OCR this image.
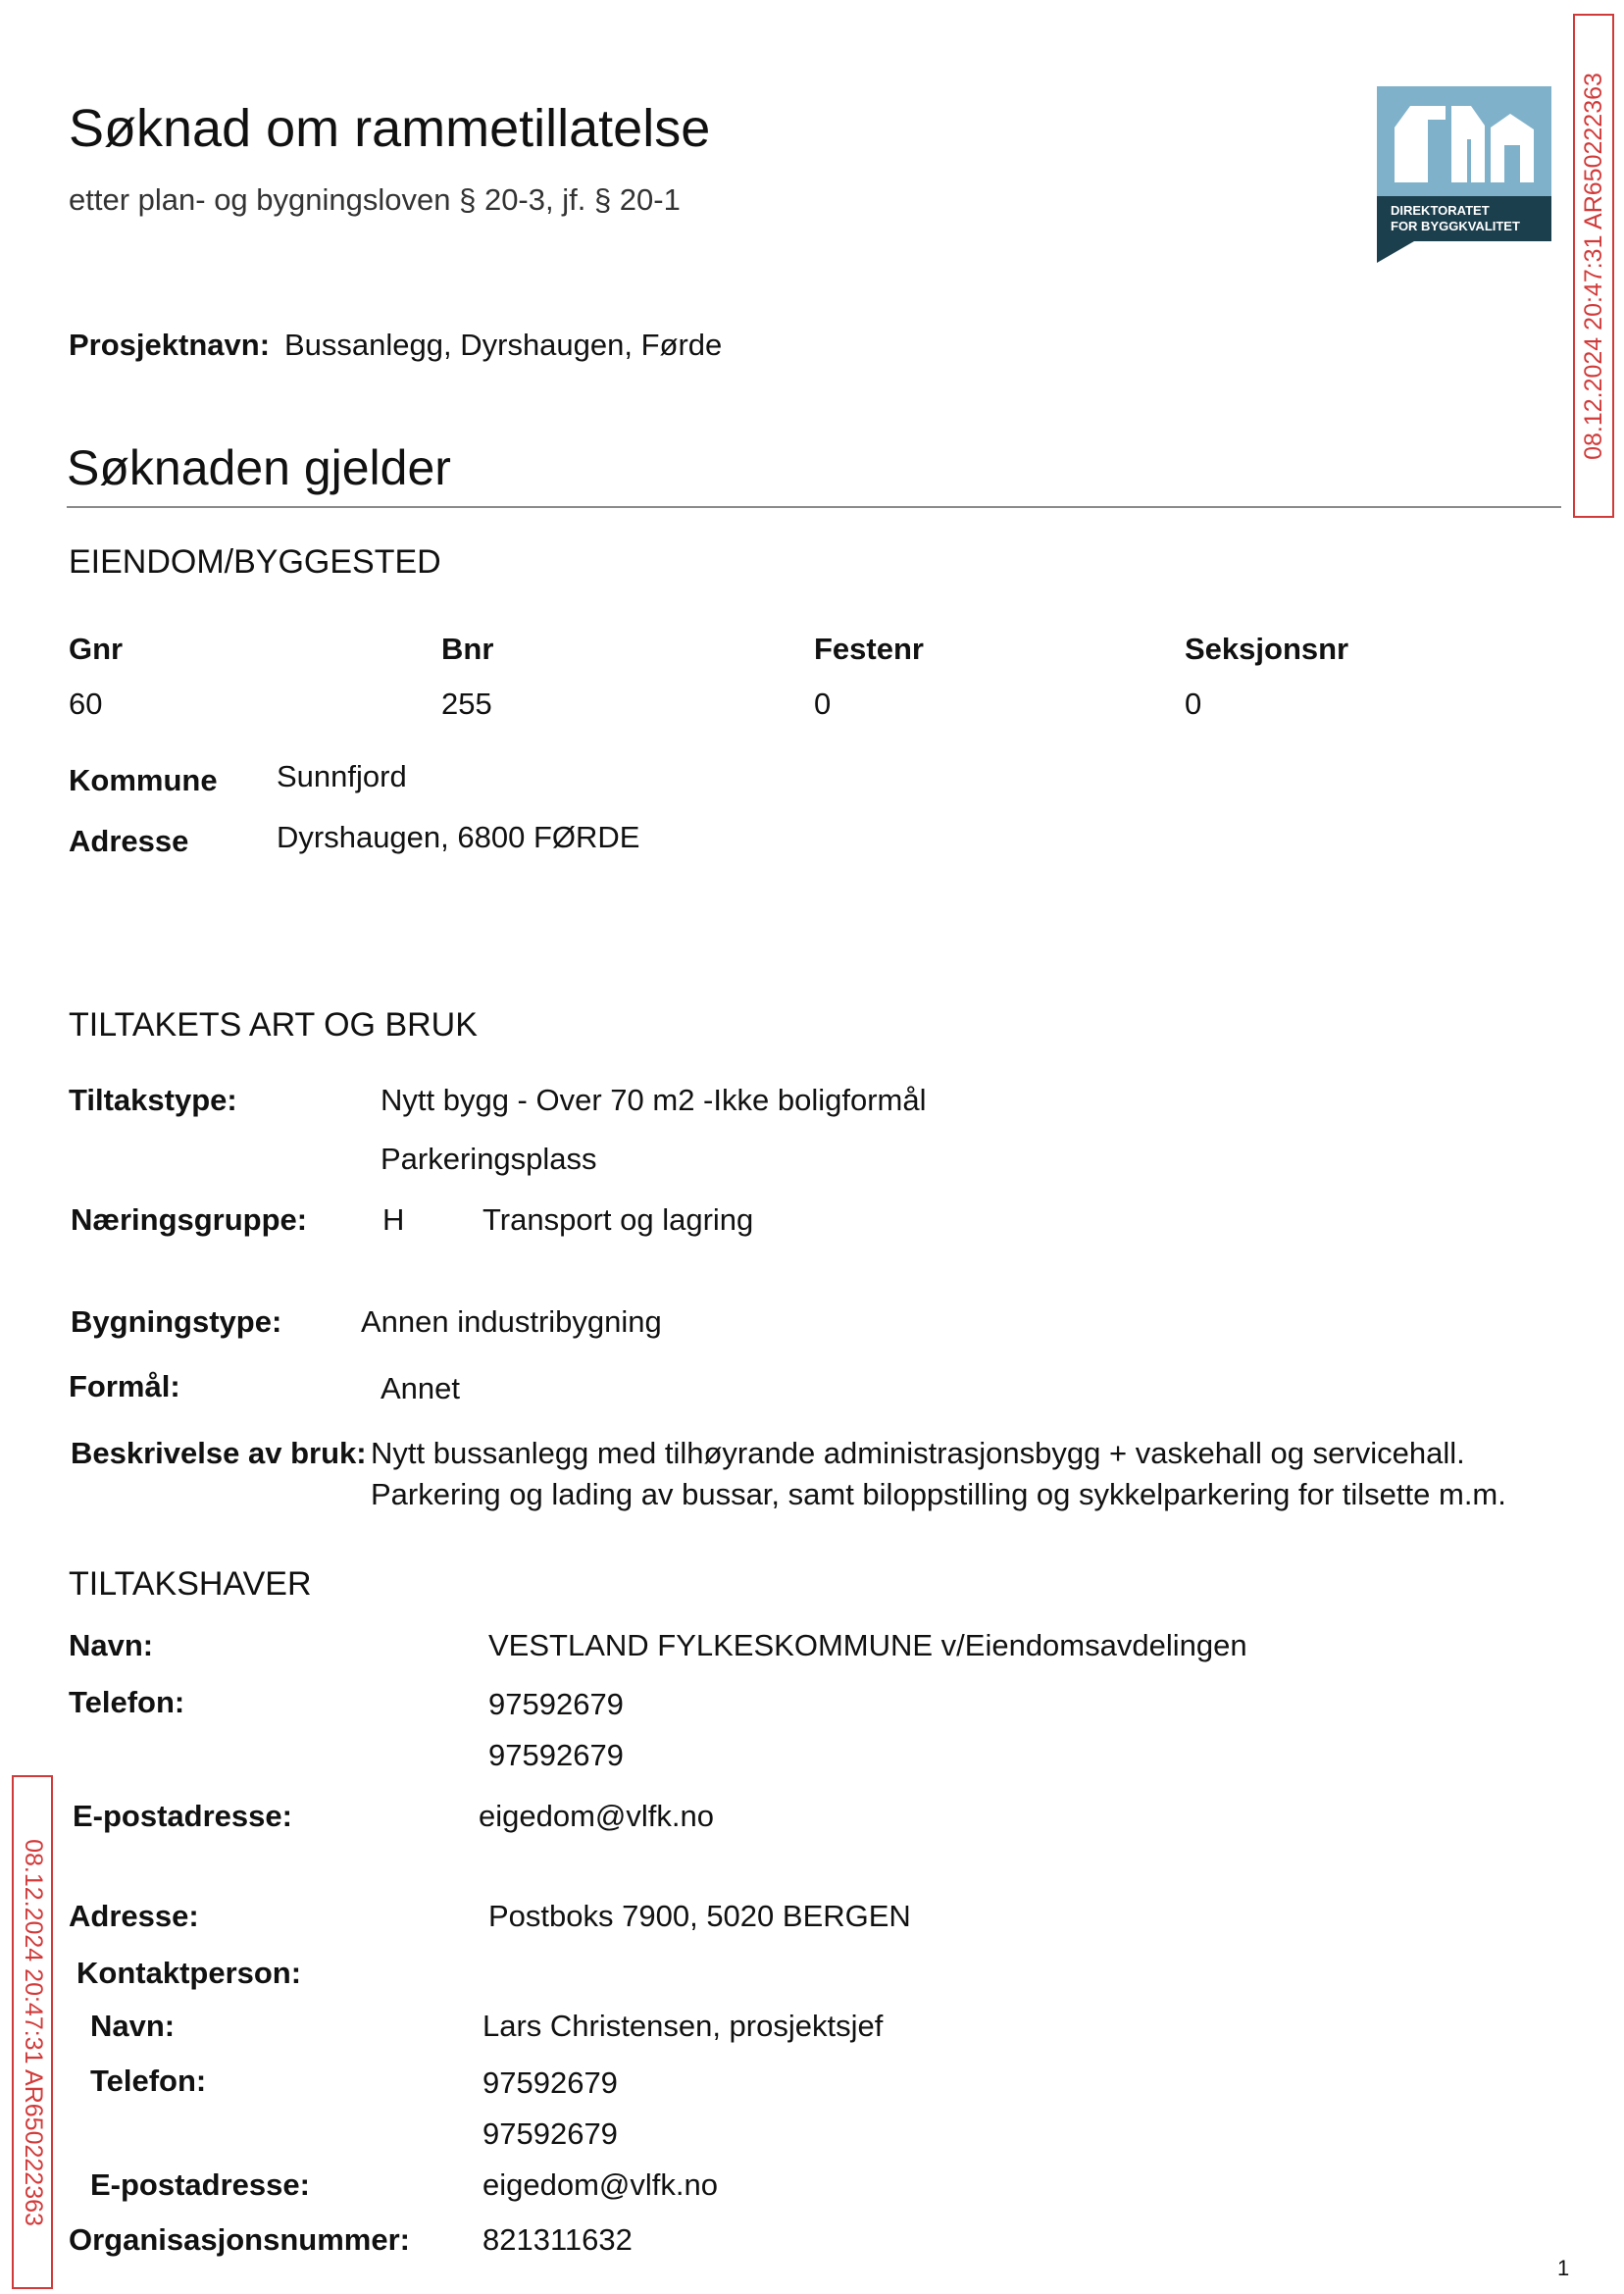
Søknad om rammetillatelse
etter plan- og bygningsloven § 20-3, jf. § 20-1
Prosjektnavn: Bussanlegg, Dyrshaugen, Førde
DIREKTORATET
FOR BYGGKVALITET	08.12.2024 20:47:31 AR650222363
08.12.2024 20:47:31 AR650222363
Søknaden gjelder
EIENDOM/BYGGESTED
Gnr	Bnr	Festenr	Seksjonsnr
60	255	0	0
Kommune Sunnfjord
Adresse	Dyrshaugen, 6800 FØRDE
TILTAKETS ART OG BRUK
Tiltakstype:	Nytt bygg - Over 70 m2 -Ikke boligformål
Parkeringsplass
Næringsgruppe: H	Transport og lagring
Bygningstype:	Annen industribygning
Formål:	Annet
Beskrivelse av bruk: Nytt bussanlegg med tilhøyrande administrasjonsbygg + vaskehall og servicehall.
Parkering og lading av bussar, samt biloppstilling og sykkelparkering for tilsette m.m.
TILTAKSHAVER
Navn:	VESTLAND FYLKESKOMMUNE v/Eiendomsavdelingen
Telefon:	97592679
97592679
E-postadresse:	eigedom@vlfk.no
Adresse:	Postboks 7900, 5020 BERGEN
Kontaktperson:
Navn:	Lars Christensen, prosjektsjef
Telefon:	97592679
97592679
E-postadresse:	eigedom@vlfk.no
Organisasjonsnummer: 821311632
1
